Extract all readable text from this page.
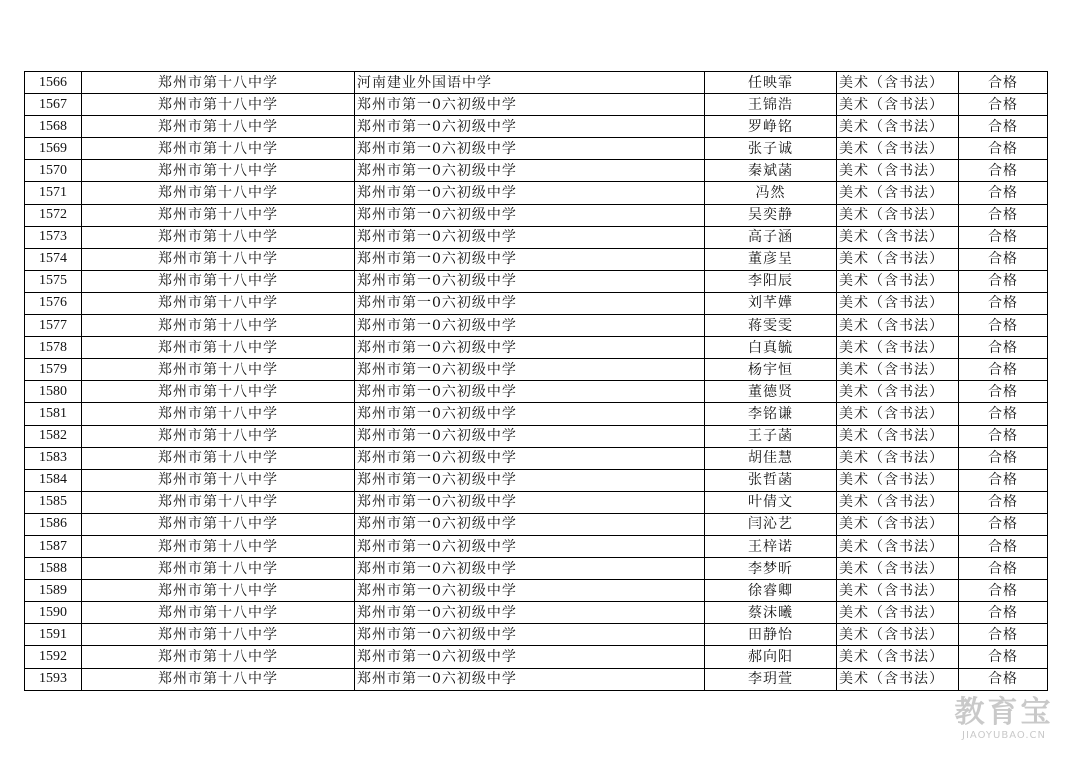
1566	郑州市第十八中学	河南建业外国语中学	任映霏	美术（含书法）	合格
1567	郑州市第十八中学	郑州市第一0六初级中学	王锦浩	美术（含书法）	合格
1568	郑州市第十八中学	郑州市第一0六初级中学	罗峥铭	美术（含书法）	合格
1569	郑州市第十八中学	郑州市第一0六初级中学	张子诚	美术（含书法）	合格
1570	郑州市第十八中学	郑州市第一0六初级中学	秦斌菡	美术（含书法）	合格
1571	郑州市第十八中学	郑州市第一0六初级中学	冯然	美术（含书法）	合格
1572	郑州市第十八中学	郑州市第一0六初级中学	吴奕静	美术（含书法）	合格
1573	郑州市第十八中学	郑州市第一0六初级中学	高子涵	美术（含书法）	合格
1574	郑州市第十八中学	郑州市第一0六初级中学	董彦呈	美术（含书法）	合格
1575	郑州市第十八中学	郑州市第一0六初级中学	李阳辰	美术（含书法）	合格
1576	郑州市第十八中学	郑州市第一0六初级中学	刘芊嬅	美术（含书法）	合格
1577	郑州市第十八中学	郑州市第一0六初级中学	蒋雯雯	美术（含书法）	合格
1578	郑州市第十八中学	郑州市第一0六初级中学	白真毓	美术（含书法）	合格
1579	郑州市第十八中学	郑州市第一0六初级中学	杨宇恒	美术（含书法）	合格
1580	郑州市第十八中学	郑州市第一0六初级中学	董德贤	美术（含书法）	合格
1581	郑州市第十八中学	郑州市第一0六初级中学	李铭谦	美术（含书法）	合格
1582	郑州市第十八中学	郑州市第一0六初级中学	王子菡	美术（含书法）	合格
1583	郑州市第十八中学	郑州市第一0六初级中学	胡佳慧	美术（含书法）	合格
1584	郑州市第十八中学	郑州市第一0六初级中学	张哲菡	美术（含书法）	合格
1585	郑州市第十八中学	郑州市第一0六初级中学	叶倩文	美术（含书法）	合格
1586	郑州市第十八中学	郑州市第一0六初级中学	闫沁艺	美术（含书法）	合格
1587	郑州市第十八中学	郑州市第一0六初级中学	王梓诺	美术（含书法）	合格
1588	郑州市第十八中学	郑州市第一0六初级中学	李梦昕	美术（含书法）	合格
1589	郑州市第十八中学	郑州市第一0六初级中学	徐睿卿	美术（含书法）	合格
1590	郑州市第十八中学	郑州市第一0六初级中学	蔡沫曦	美术（含书法）	合格
1591	郑州市第十八中学	郑州市第一0六初级中学	田静怡	美术（含书法）	合格
1592	郑州市第十八中学	郑州市第一0六初级中学	郝向阳	美术（含书法）	合格
1593	郑州市第十八中学	郑州市第一0六初级中学	李玥萱	美术（含书法）	合格
教育宝
JIAOYUBAO.CN
